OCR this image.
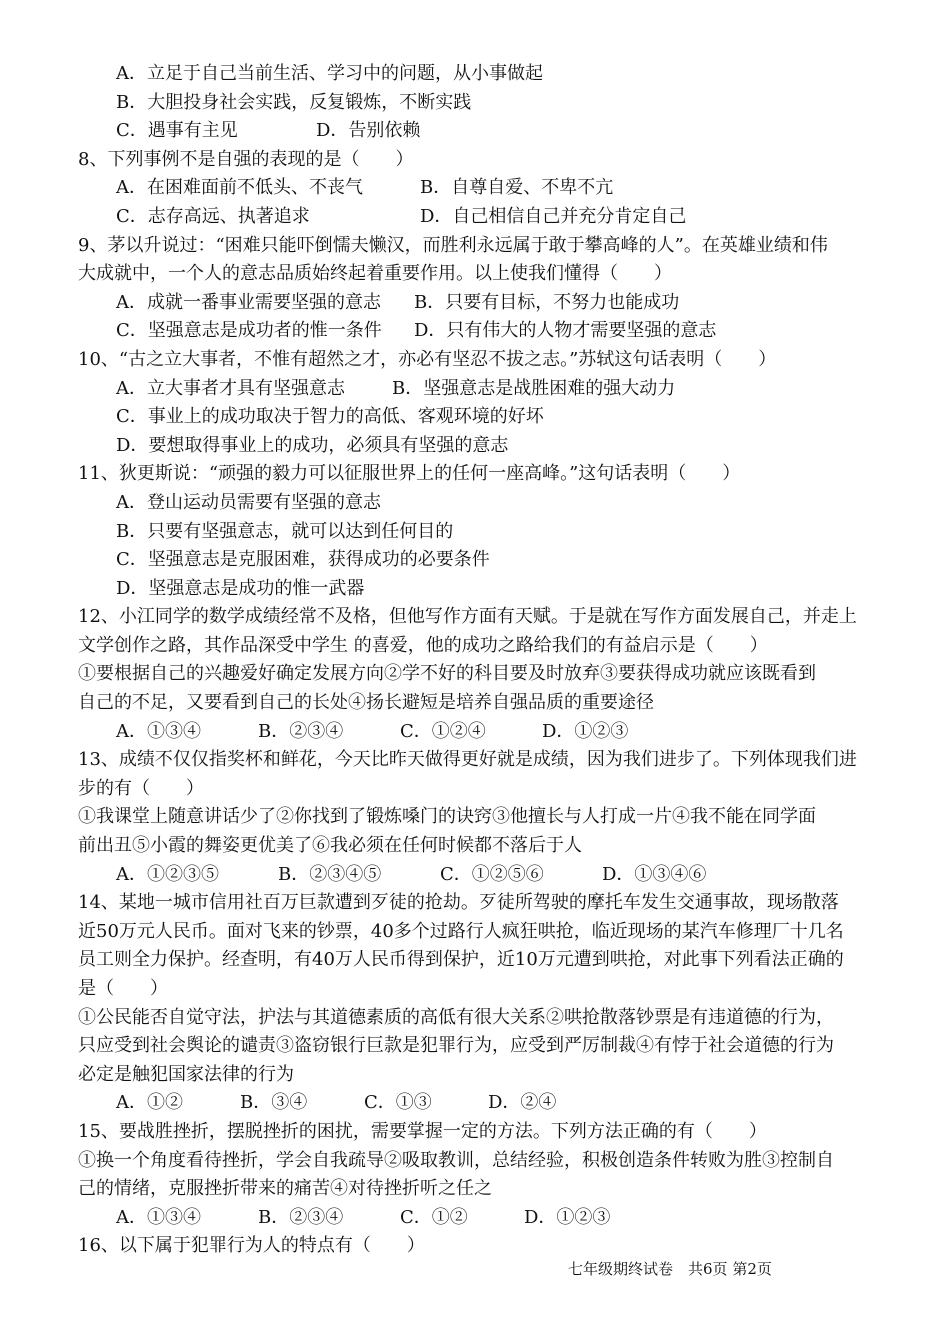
A．立足于自己当前生活、学习中的问题，从小事做起
B．大胆投身社会实践，反复锻炼，不断实践
C．遇事有主见	D．告别依赖
8、下列事例不是自强的表现的是（　　）
A．在困难面前不低头、不丧气	B．自尊自爱、不卑不亢
C．志存高远、执著追求	D．自己相信自己并充分肯定自己
9、茅以升说过：“困难只能吓倒懦夫懒汉，而胜利永远属于敢于攀高峰的人”。在英雄业绩和伟
大成就中，一个人的意志品质始终起着重要作用。以上使我们懂得（　　）
A．成就一番事业需要坚强的意志 B．只要有目标，不努力也能成功
C．坚强意志是成功者的惟一条件 D．只有伟大的人物才需要坚强的意志
10、“古之立大事者，不惟有超然之才，亦必有坚忍不拔之志。”苏轼这句话表明（　　）
A．立大事者才具有坚强意志	B．坚强意志是战胜困难的强大动力
C．事业上的成功取决于智力的高低、客观环境的好坏
D．要想取得事业上的成功，必须具有坚强的意志
11、狄更斯说：“顽强的毅力可以征服世界上的任何一座高峰。”这句话表明（　　）
A．登山运动员需要有坚强的意志
B．只要有坚强意志，就可以达到任何目的
C．坚强意志是克服困难，获得成功的必要条件
D．坚强意志是成功的惟一武器
12、小江同学的数学成绩经常不及格，但他写作方面有天赋。于是就在写作方面发展自己，并走上
文学创作之路，其作品深受中学生 的喜爱，他的成功之路给我们的有益启示是（　　）
①要根据自己的兴趣爱好确定发展方向②学不好的科目要及时放弃③要获得成功就应该既看到
自己的不足，又要看到自己的长处④扬长避短是培养自强品质的重要途径
A．①③④	B．②③④	C．①②④	D．①②③
13、成绩不仅仅指奖杯和鲜花，今天比昨天做得更好就是成绩，因为我们进步了。下列体现我们进
步的有（　　）
①我课堂上随意讲话少了②你找到了锻炼嗓门的诀窍③他擅长与人打成一片④我不能在同学面
前出丑⑤小霞的舞姿更优美了⑥我必须在任何时候都不落后于人
A．①②③⑤	B．②③④⑤	C．①②⑤⑥	D．①③④⑥
14、某地一城市信用社百万巨款遭到歹徒的抢劫。歹徒所驾驶的摩托车发生交通事故，现场散落
近50万元人民币。面对飞来的钞票，40多个过路行人疯狂哄抢，临近现场的某汽车修理厂十几名
员工则全力保护。经查明，有40万人民币得到保护，近10万元遭到哄抢，对此事下列看法正确的
是（　　）
①公民能否自觉守法，护法与其道德素质的高低有很大关系②哄抢散落钞票是有违道德的行为，
只应受到社会舆论的谴责③盗窃银行巨款是犯罪行为，应受到严厉制裁④有悖于社会道德的行为
必定是触犯国家法律的行为
A．①②	B．③④	C．①③	D．②④
15、要战胜挫折，摆脱挫折的困扰，需要掌握一定的方法。下列方法正确的有（　　）
①换一个角度看待挫折，学会自我疏导②吸取教训，总结经验，积极创造条件转败为胜③控制自
己的情绪，克服挫折带来的痛苦④对待挫折听之任之
A．①③④	B．②③④	C．①②	D．①②③
16、以下属于犯罪行为人的特点有（　　）
七年级期终试卷　共6页 第2页
